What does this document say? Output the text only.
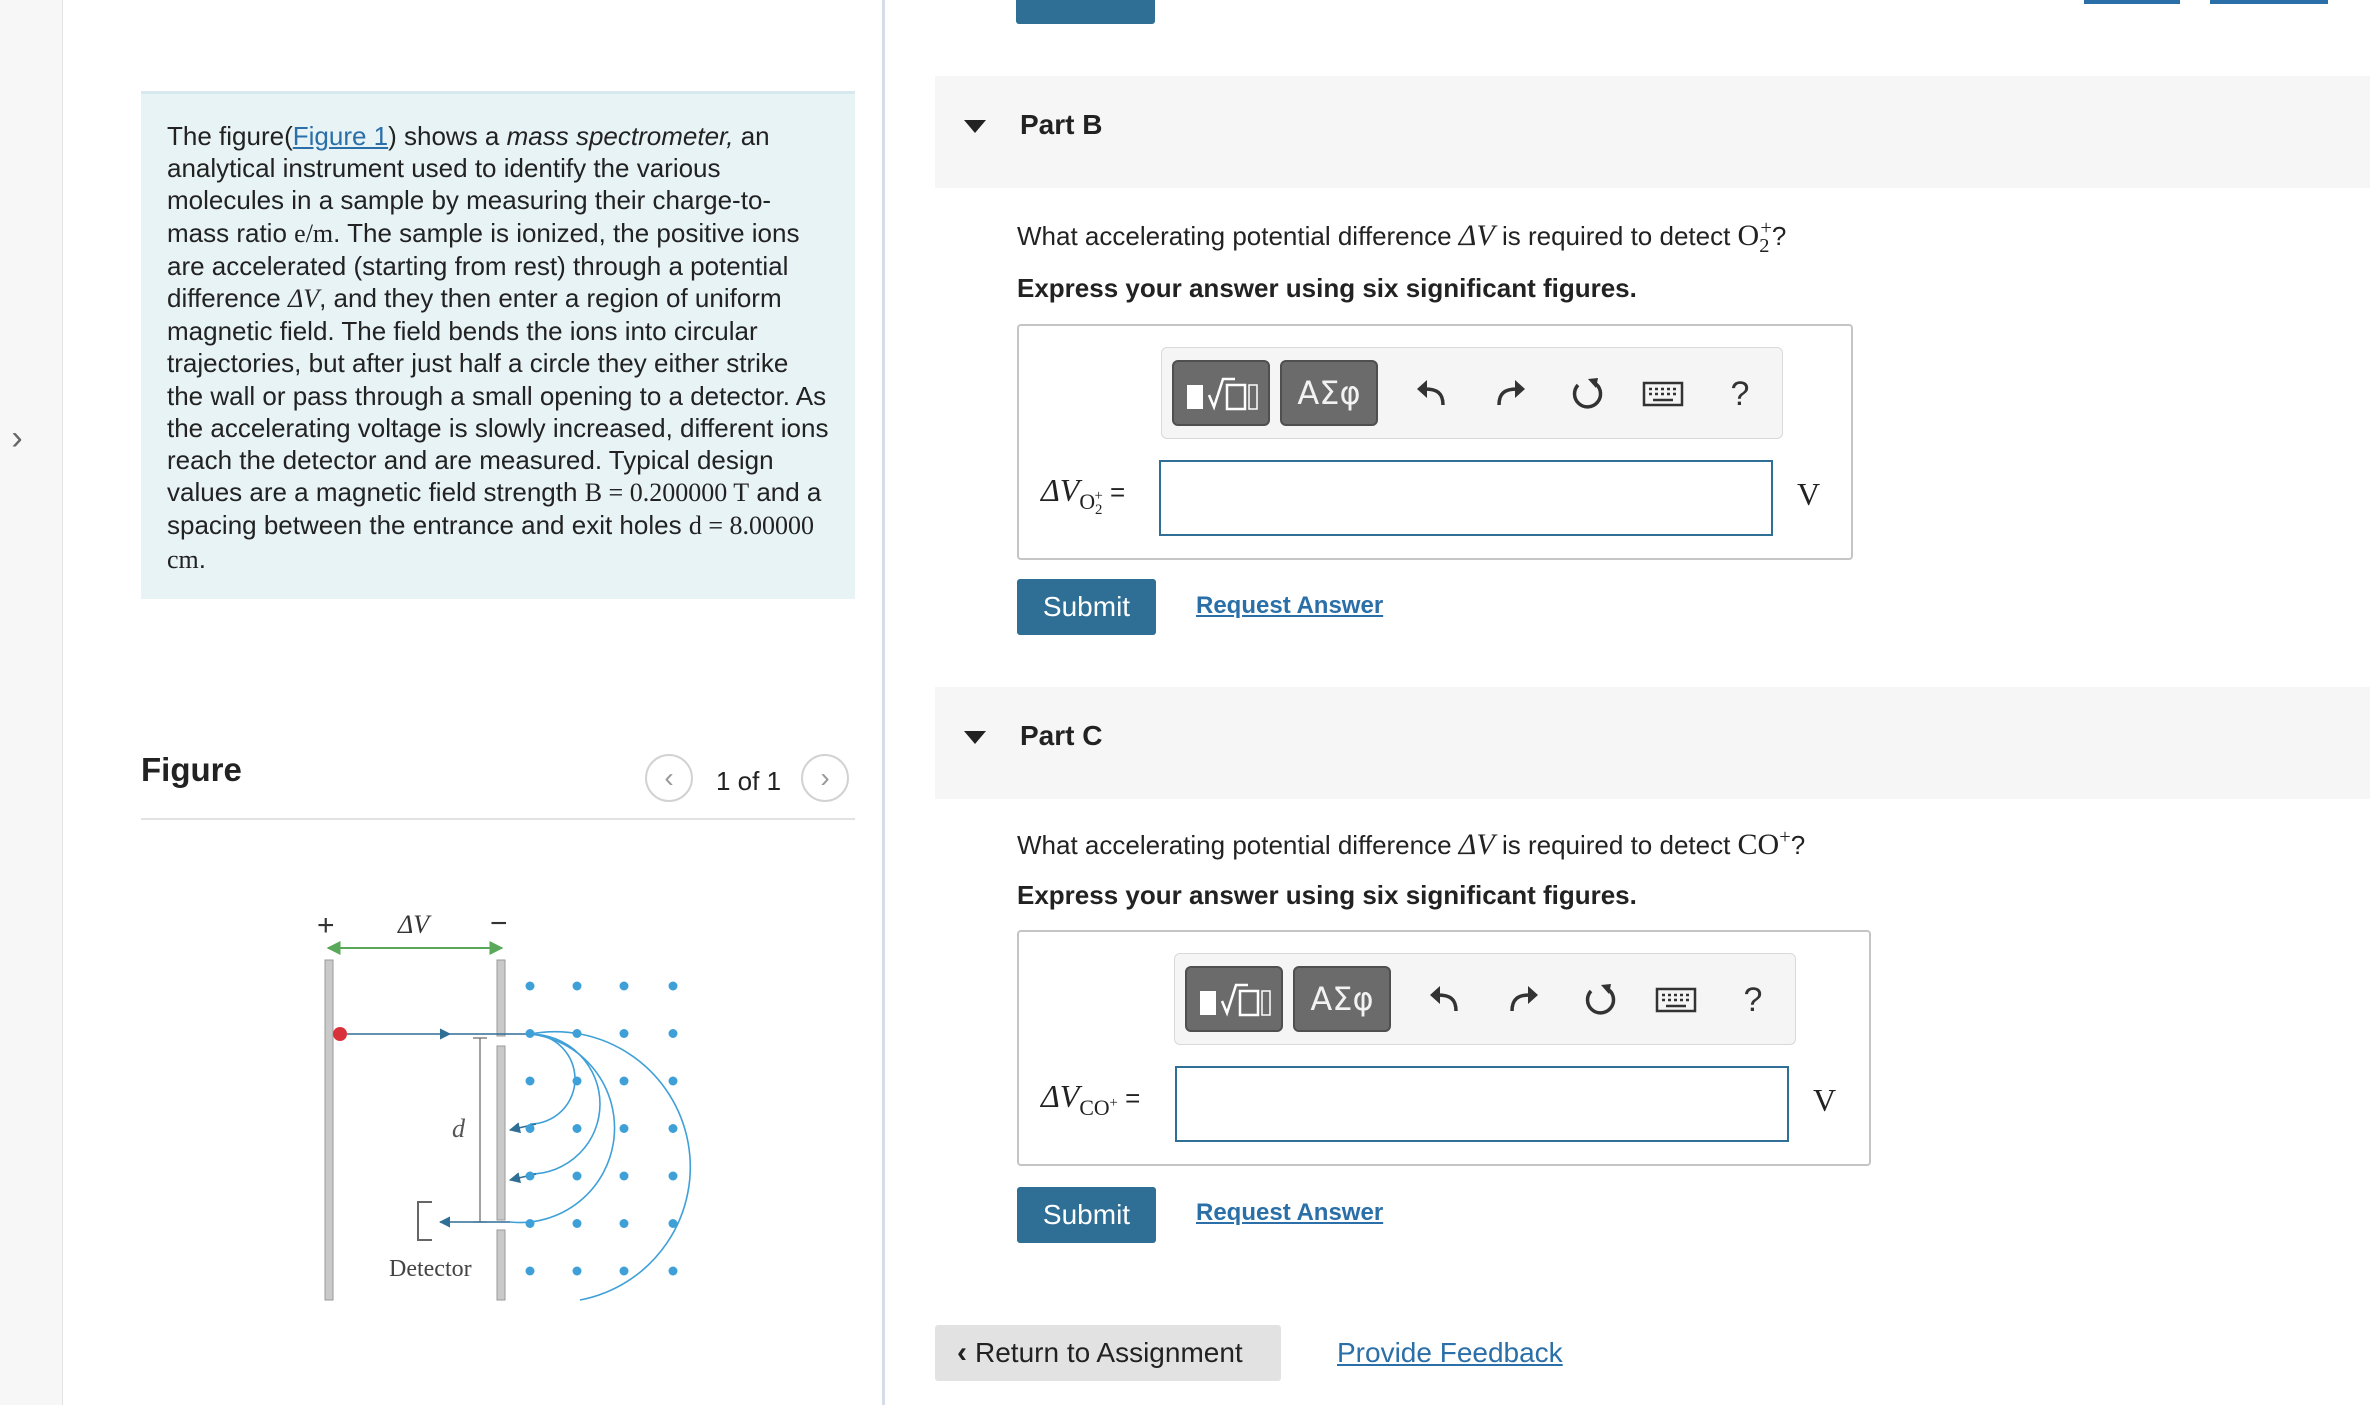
›
The figure(Figure 1) shows a mass spectrometer, an analytical instrument used to identify the various molecules in a sample by measuring their charge-to-mass ratio e/m. The sample is ionized, the positive ions are accelerated (starting from rest) through a potential difference ΔV, and they then enter a region of uniform magnetic field. The field bends the ions into circular trajectories, but after just half a circle they either strike the wall or pass through a small opening to a detector. As the accelerating voltage is slowly increased, different ions reach the detector and are measured. Typical design values are a magnetic field strength B = 0.200000 T and a spacing between the entrance and exit holes d = 8.00000 cm.
Figure	‹ 1 of 1 ›
+ ΔV −
d
Detector
Part B
What accelerating potential difference ΔV is required to detect $O_2^+$?
Express your answer using six significant figures.
ΑΣφ	?
$\Delta V_{O_2^+}$ =	V
Submit	Request Answer
Part C
What accelerating potential difference ΔV is required to detect CO+?
Express your answer using six significant figures.
ΑΣφ	?
$\Delta V_{CO^+}$ =	V
Submit	Request Answer
‹ Return to Assignment	Provide Feedback
